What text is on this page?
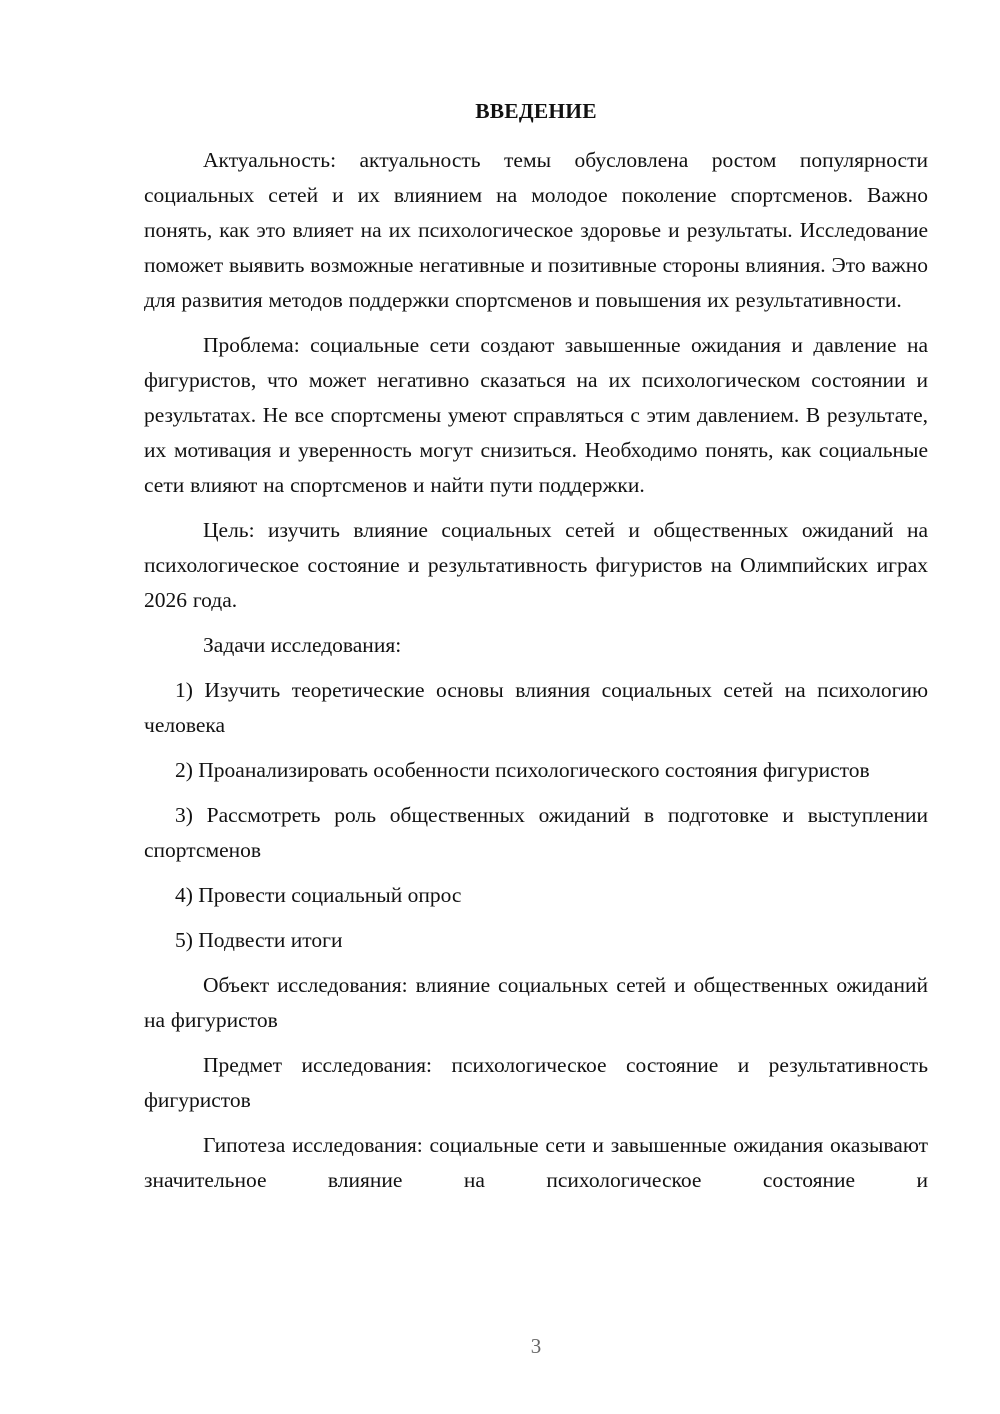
ВВЕДЕНИЕ

Актуальность: актуальность темы обусловлена ростом популярности социальных сетей и их влиянием на молодое поколение спортсменов. Важно понять, как это влияет на их психологическое здоровье и результаты. Исследование поможет выявить возможные негативные и позитивные стороны влияния. Это важно для развития методов поддержки спортсменов и повышения их результативности.

Проблема: социальные сети создают завышенные ожидания и давление на фигуристов, что может негативно сказаться на их психологическом состоянии и результатах. Не все спортсмены умеют справляться с этим давлением. В результате, их мотивация и уверенность могут снизиться. Необходимо понять, как социальные сети влияют на спортсменов и найти пути поддержки.

Цель: изучить влияние социальных сетей и общественных ожиданий на психологическое состояние и результативность фигуристов на Олимпийских играх 2026 года.

Задачи исследования:

1) Изучить теоретические основы влияния социальных сетей на психологию человека

2) Проанализировать особенности психологического состояния фигуристов

3) Рассмотреть роль общественных ожиданий в подготовке и выступлении спортсменов

4) Провести социальный опрос

5) Подвести итоги

Объект исследования: влияние социальных сетей и общественных ожиданий на фигуристов

Предмет исследования: психологическое состояние и результативность фигуристов

Гипотеза исследования: социальные сети и завышенные ожидания оказывают значительное влияние на психологическое состояние и

3
